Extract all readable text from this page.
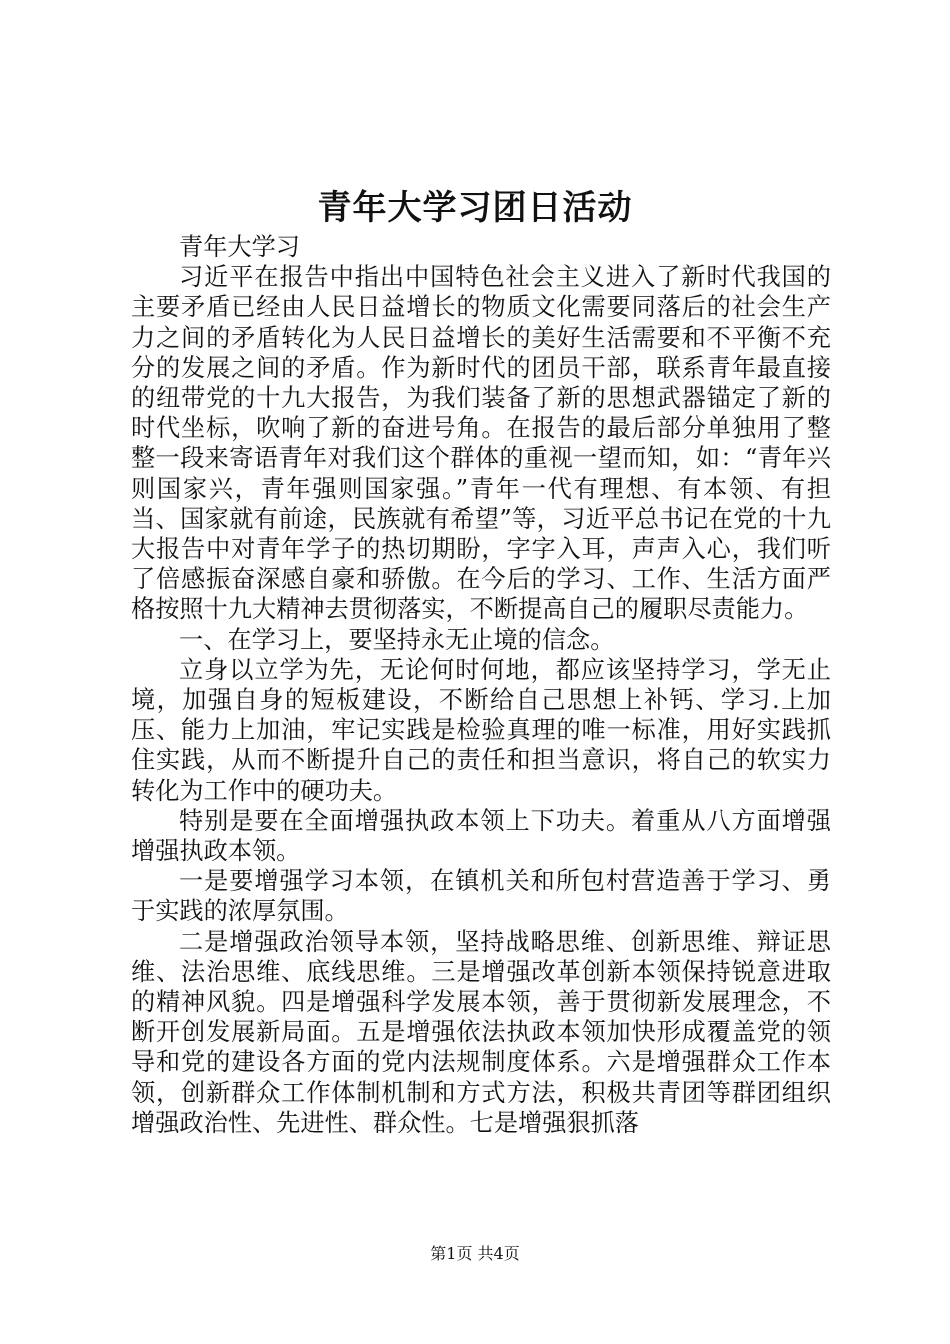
青年大学习团日活动

青年大学习

习近平在报告中指出中国特色社会主义进入了新时代我国的主要矛盾已经由人民日益增长的物质文化需要同落后的社会生产力之间的矛盾转化为人民日益增长的美好生活需要和不平衡不充分的发展之间的矛盾。作为新时代的团员干部，联系青年最直接的纽带党的十九大报告，为我们装备了新的思想武器锚定了新的时代坐标，吹响了新的奋进号角。在报告的最后部分单独用了整整一段来寄语青年对我们这个群体的重视一望而知，如：“青年兴则国家兴，青年强则国家强。”青年一代有理想、有本领、有担当、国家就有前途，民族就有希望”等，习近平总书记在党的十九大报告中对青年学子的热切期盼，字字入耳，声声入心，我们听了倍感振奋深感自豪和骄傲。在今后的学习、工作、生活方面严格按照十九大精神去贯彻落实，不断提高自己的履职尽责能力。

一、在学习上，要坚持永无止境的信念。

立身以立学为先，无论何时何地，都应该坚持学习，学无止境，加强自身的短板建设，不断给自己思想上补钙、学习.上加压、能力上加油，牢记实践是检验真理的唯一标准，用好实践抓住实践，从而不断提升自己的责任和担当意识，将自己的软实力转化为工作中的硬功夫。

特别是要在全面增强执政本领上下功夫。着重从八方面增强增强执政本领。

一是要增强学习本领，在镇机关和所包村营造善于学习、勇于实践的浓厚氛围。

二是增强政治领导本领，坚持战略思维、创新思维、辩证思维、法治思维、底线思维。三是增强改革创新本领保持锐意进取的精神风貌。四是增强科学发展本领，善于贯彻新发展理念，不断开创发展新局面。五是增强依法执政本领加快形成覆盖党的领导和党的建设各方面的党内法规制度体系。六是增强群众工作本领，创新群众工作体制机制和方式方法，积极共青团等群团组织增强政治性、先进性、群众性。七是增强狠抓落

第1页 共4页
